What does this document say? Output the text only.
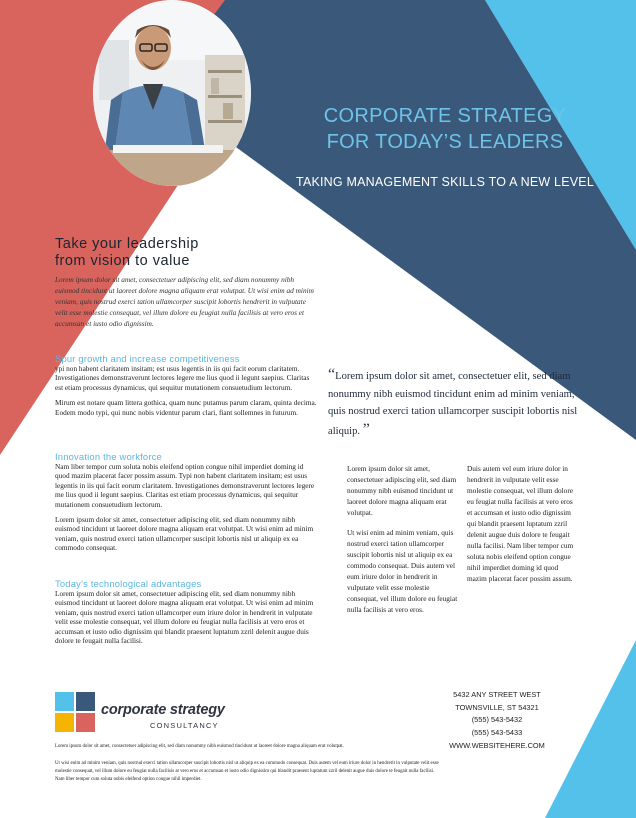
CORPORATE STRATEGY
FOR TODAY’S LEADERS
TAKING MANAGEMENT SKILLS TO A NEW LEVEL
Take your leadership
from vision to value
Lorem ipsum dolor sit amet, consectetuer adipiscing elit, sed diam nonummy nibh euismod tincidunt ut laoreet dolore magna aliquam erat volutpat. Ut wisi enim ad minim veniam, quis nostrud exerci tation ullamcorper suscipit lobortis hendrerit in vulputate velit esse molestie consequat, vel illum dolore eu feugiat nulla facilisis at vero eros et accumsan et iusto odio dignissim.
Spur growth and increase competitiveness

ypi non habent claritatem insitam; est usus legentis in iis qui facit eorum claritatem. Investigationes demonstraverunt lectores legere me lius quod ii legunt saepius. Claritas est etiam processus dynamicus, qui sequitur mutationem consuetudium lectorum.

Mirum est notare quam littera gothica, quam nunc putamus parum claram, quinta decima. Eodem modo typi, qui nunc nobis videntur parum clari, fiant sollemnes in futurum.

Innovation the workforce

Nam liber tempor cum soluta nobis eleifend option congue nihil imperdiet doming id quod mazim placerat facer possim assum. Typi non habent claritatem insitam; est usus legentis in iis qui facit eorum claritatem. Investigationes demonstraverunt lectores legere me lius quod ii legunt saepius. Claritas est etiam processus dynamicus, qui sequitur mutationem consuetudium lectorum.

Lorem ipsum dolor sit amet, consectetuer adipiscing elit, sed diam nonummy nibh euismod tincidunt ut laoreet dolore magna aliquam erat volutpat. Ut wisi enim ad minim veniam, quis nostrud exerci tation ullamcorper suscipit lobortis nisl ut aliquip ex ea commodo consequat.

Today’s technological advantages

Lorem ipsum dolor sit amet, consectetuer adipiscing elit, sed diam nonummy nibh euismod tincidunt ut laoreet dolore magna aliquam erat volutpat. Ut wisi enim ad minim veniam, quis nostrud exerci tation ullamcorper eum iriure dolor in hendrerit in vulputate velit esse molestie consequat, vel illum dolore eu feugiat nulla facilisis at vero eros et accumsan et iusto odio dignissim qui blandit praesent luptatum zzril delenit augue duis dolore te feugait nulla facilisi.

“Lorem ipsum dolor sit amet, consectetuer elit, sed diam nonummy nibh euismod tincidunt enim ad minim veniam, quis nostrud exerci tation ullamcorper suscipit lobortis nisl aliquip. ”

Lorem ipsum dolor sit amet, consectetuer adipiscing elit, sed diam nonummy nibh euismod tincidunt ut laoreet dolore magna aliquam erat volutpat.

Ut wisi enim ad minim veniam, quis nostrud exerci tation ullamcorper suscipit lobortis nisl ut aliquip ex ea commodo consequat. Duis autem vel eum iriure dolor in hendrerit in vulputate velit esse molestie consequat, vel illum dolore eu feugiat nulla facilisis at vero eros.

Duis autem vel eum iriure dolor in hendrerit in vulputate velit esse molestie consequat, vel illum dolore eu feugiat nulla facilisis at vero eros et accumsan et iusto odio dignissim qui blandit praesent luptatum zzril delenit augue duis dolore te feugait nulla facilisi. Nam liber tempor cum soluta nobis eleifend option congue nihil imperdiet doming id quod mazim placerat facer possim assum.

corporate strategy
CONSULTANCY
5432 ANY STREET WEST
TOWNSVILLE, ST 54321
(555) 543-5432
(555) 543-5433
WWW.WEBSITEHERE.COM
Lorem ipsum dolor sit amet, consectetuer adipiscing elit, sed diam nonummy nibh euismod tincidunt ut laoreet dolore magna aliquam erat volutpat.
Ut wisi enim ad minim veniam, quis nostrud exerci tation ullamcorper suscipit lobortis nisl ut aliquip ex ea commodo consequat. Duis autem vel eum iriure dolor in hendrerit in vulputate velit esse molestie consequat, vel illum dolore eu feugiat nulla facilisis at vero eros et accumsan et iusto odio dignissim qui blandit praesent luptatum zzril delenit augue duis dolore te feugait nulla facilisi. Nam liber tempor cum soluta nobis eleifend option congue nihil imperdiet.
